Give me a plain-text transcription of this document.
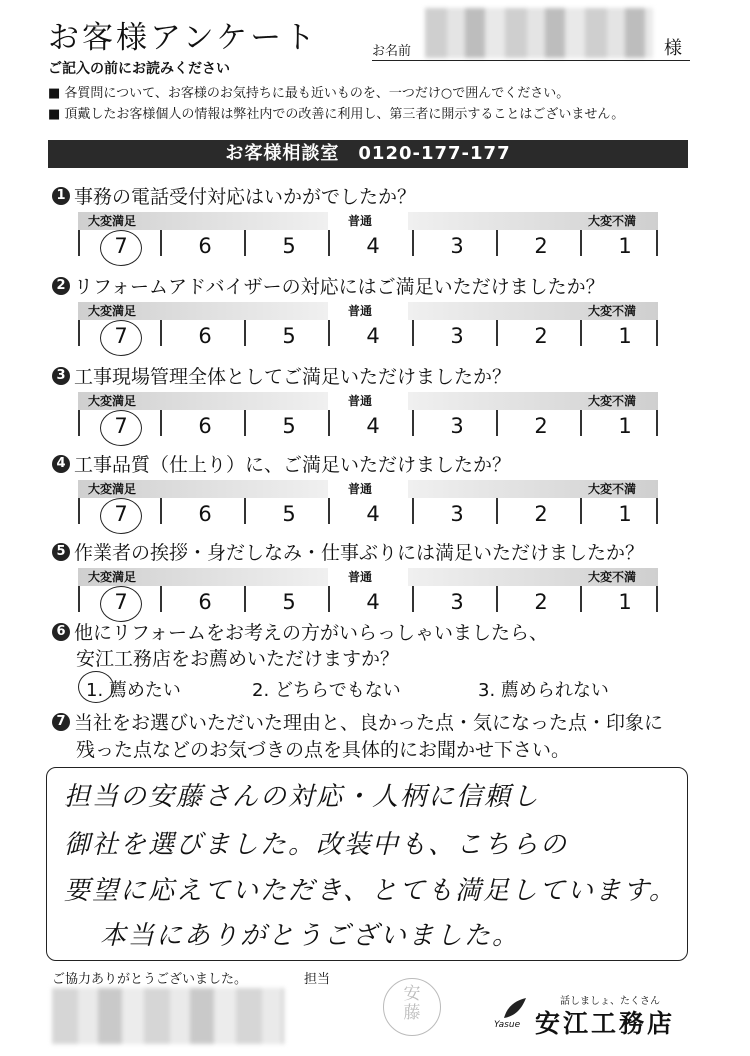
お客様アンケート	お名前	様
ご記入の前にお読みください
■ 各質問について、お客様のお気持ちに最も近いものを、一つだけ○で囲んでください。
■ 頂戴したお客様個人の情報は弊社内での改善に利用し、第三者に開示することはございません。
お客様相談室　0120-177-177
1 事務の電話受付対応はいかがでしたか？
大変満足	普通	大変不満
7	6	5	4	3	2	1
2 リフォームアドバイザーの対応にはご満足いただけましたか？
大変満足	普通	大変不満
7	6	5	4	3	2	1
3 工事現場管理全体としてご満足いただけましたか？
大変満足	普通	大変不満
7	6	5	4	3	2	1
4 工事品質（仕上り）に、ご満足いただけましたか？
大変満足	普通	大変不満
7	6	5	4	3	2	1
5 作業者の挨拶・身だしなみ・仕事ぶりには満足いただけましたか？
大変満足	普通	大変不満
7	6	5	4	3	2	1
6 他にリフォームをお考えの方がいらっしゃいましたら、
安江工務店をお薦めいただけますか？
1. 薦めたい	2. どちらでもない	3. 薦められない
7 当社をお選びいただいた理由と、良かった点・気になった点・印象に
残った点などのお気づきの点を具体的にお聞かせ下さい。
担当の安藤さんの対応・人柄に信頼し
御社を選びました。改装中も、こちらの
要望に応えていただき、とても満足しています。
本当にありがとうございました。
ご協力ありがとうございました。	担当
安
藤
話しましょ、たくさん
Yasue 安江工務店
